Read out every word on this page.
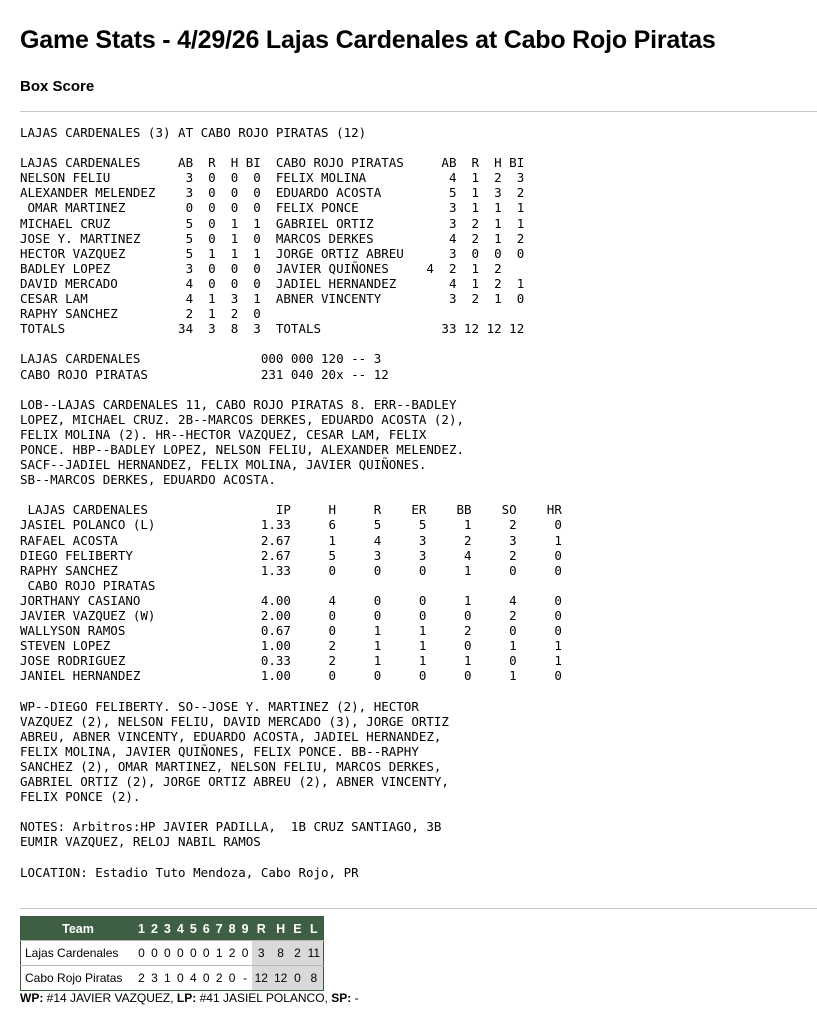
Game Stats - 4/29/26 Lajas Cardenales at Cabo Rojo Piratas
Box Score
LAJAS CARDENALES (3) AT CABO ROJO PIRATAS (12)

LAJAS CARDENALES     AB  R  H BI  CABO ROJO PIRATAS     AB  R  H BI
NELSON FELIU          3  0  0  0  FELIX MOLINA           4  1  2  3
ALEXANDER MELENDEZ    3  0  0  0  EDUARDO ACOSTA         5  1  3  2
OMAR MARTINEZ        0  0  0  0  FELIX PONCE            3  1  1  1
MICHAEL CRUZ          5  0  1  1  GABRIEL ORTIZ          3  2  1  1
JOSE Y. MARTINEZ      5  0  1  0  MARCOS DERKES          4  2  1  2
HECTOR VAZQUEZ        5  1  1  1  JORGE ORTIZ ABREU      3  0  0  0
BADLEY LOPEZ          3  0  0  0  JAVIER QUIÑONES     4  2  1  2
DAVID MERCADO         4  0  0  0  JADIEL HERNANDEZ       4  1  2  1
CESAR LAM             4  1  3  1  ABNER VINCENTY         3  2  1  0
RAPHY SANCHEZ         2  1  2  0
TOTALS               34  3  8  3  TOTALS                33 12 12 12

LAJAS CARDENALES                000 000 120 -- 3
CABO ROJO PIRATAS               231 040 20x -- 12

LOB--LAJAS CARDENALES 11, CABO ROJO PIRATAS 8. ERR--BADLEY
LOPEZ, MICHAEL CRUZ. 2B--MARCOS DERKES, EDUARDO ACOSTA (2),
FELIX MOLINA (2). HR--HECTOR VAZQUEZ, CESAR LAM, FELIX
PONCE. HBP--BADLEY LOPEZ, NELSON FELIU, ALEXANDER MELENDEZ.
SACF--JADIEL HERNANDEZ, FELIX MOLINA, JAVIER QUIÑONES.
SB--MARCOS DERKES, EDUARDO ACOSTA.

LAJAS CARDENALES                 IP     H     R    ER    BB    SO    HR
JASIEL POLANCO (L)              1.33     6     5     5     1     2     0
RAFAEL ACOSTA                   2.67     1     4     3     2     3     1
DIEGO FELIBERTY                 2.67     5     3     3     4     2     0
RAPHY SANCHEZ                   1.33     0     0     0     1     0     0
CABO ROJO PIRATAS
JORTHANY CASIANO                4.00     4     0     0     1     4     0
JAVIER VAZQUEZ (W)              2.00     0     0     0     0     2     0
WALLYSON RAMOS                  0.67     0     1     1     2     0     0
STEVEN LOPEZ                    1.00     2     1     1     0     1     1
JOSE RODRIGUEZ                  0.33     2     1     1     1     0     1
JANIEL HERNANDEZ                1.00     0     0     0     0     1     0

WP--DIEGO FELIBERTY. SO--JOSE Y. MARTINEZ (2), HECTOR
VAZQUEZ (2), NELSON FELIU, DAVID MERCADO (3), JORGE ORTIZ
ABREU, ABNER VINCENTY, EDUARDO ACOSTA, JADIEL HERNANDEZ,
FELIX MOLINA, JAVIER QUIÑONES, FELIX PONCE. BB--RAPHY
SANCHEZ (2), OMAR MARTINEZ, NELSON FELIU, MARCOS DERKES,
GABRIEL ORTIZ (2), JORGE ORTIZ ABREU (2), ABNER VINCENTY,
FELIX PONCE (2).

NOTES: Arbitros:HP JAVIER PADILLA,  1B CRUZ SANTIAGO, 3B
EUMIR VAZQUEZ, RELOJ NABIL RAMOS

LOCATION: Estadio Tuto Mendoza, Cabo Rojo, PR
Team	1	2	3	4	5	6	7	8	9	R	H	E	L
Lajas Cardenales	0	0	0	0	0	0	1	2	0	3	8	2	11
Cabo Rojo Piratas	2	3	1	0	4	0	2	0	-	12	12	0	8
WP: #14 JAVIER VAZQUEZ, LP: #41 JASIEL POLANCO, SP: -
